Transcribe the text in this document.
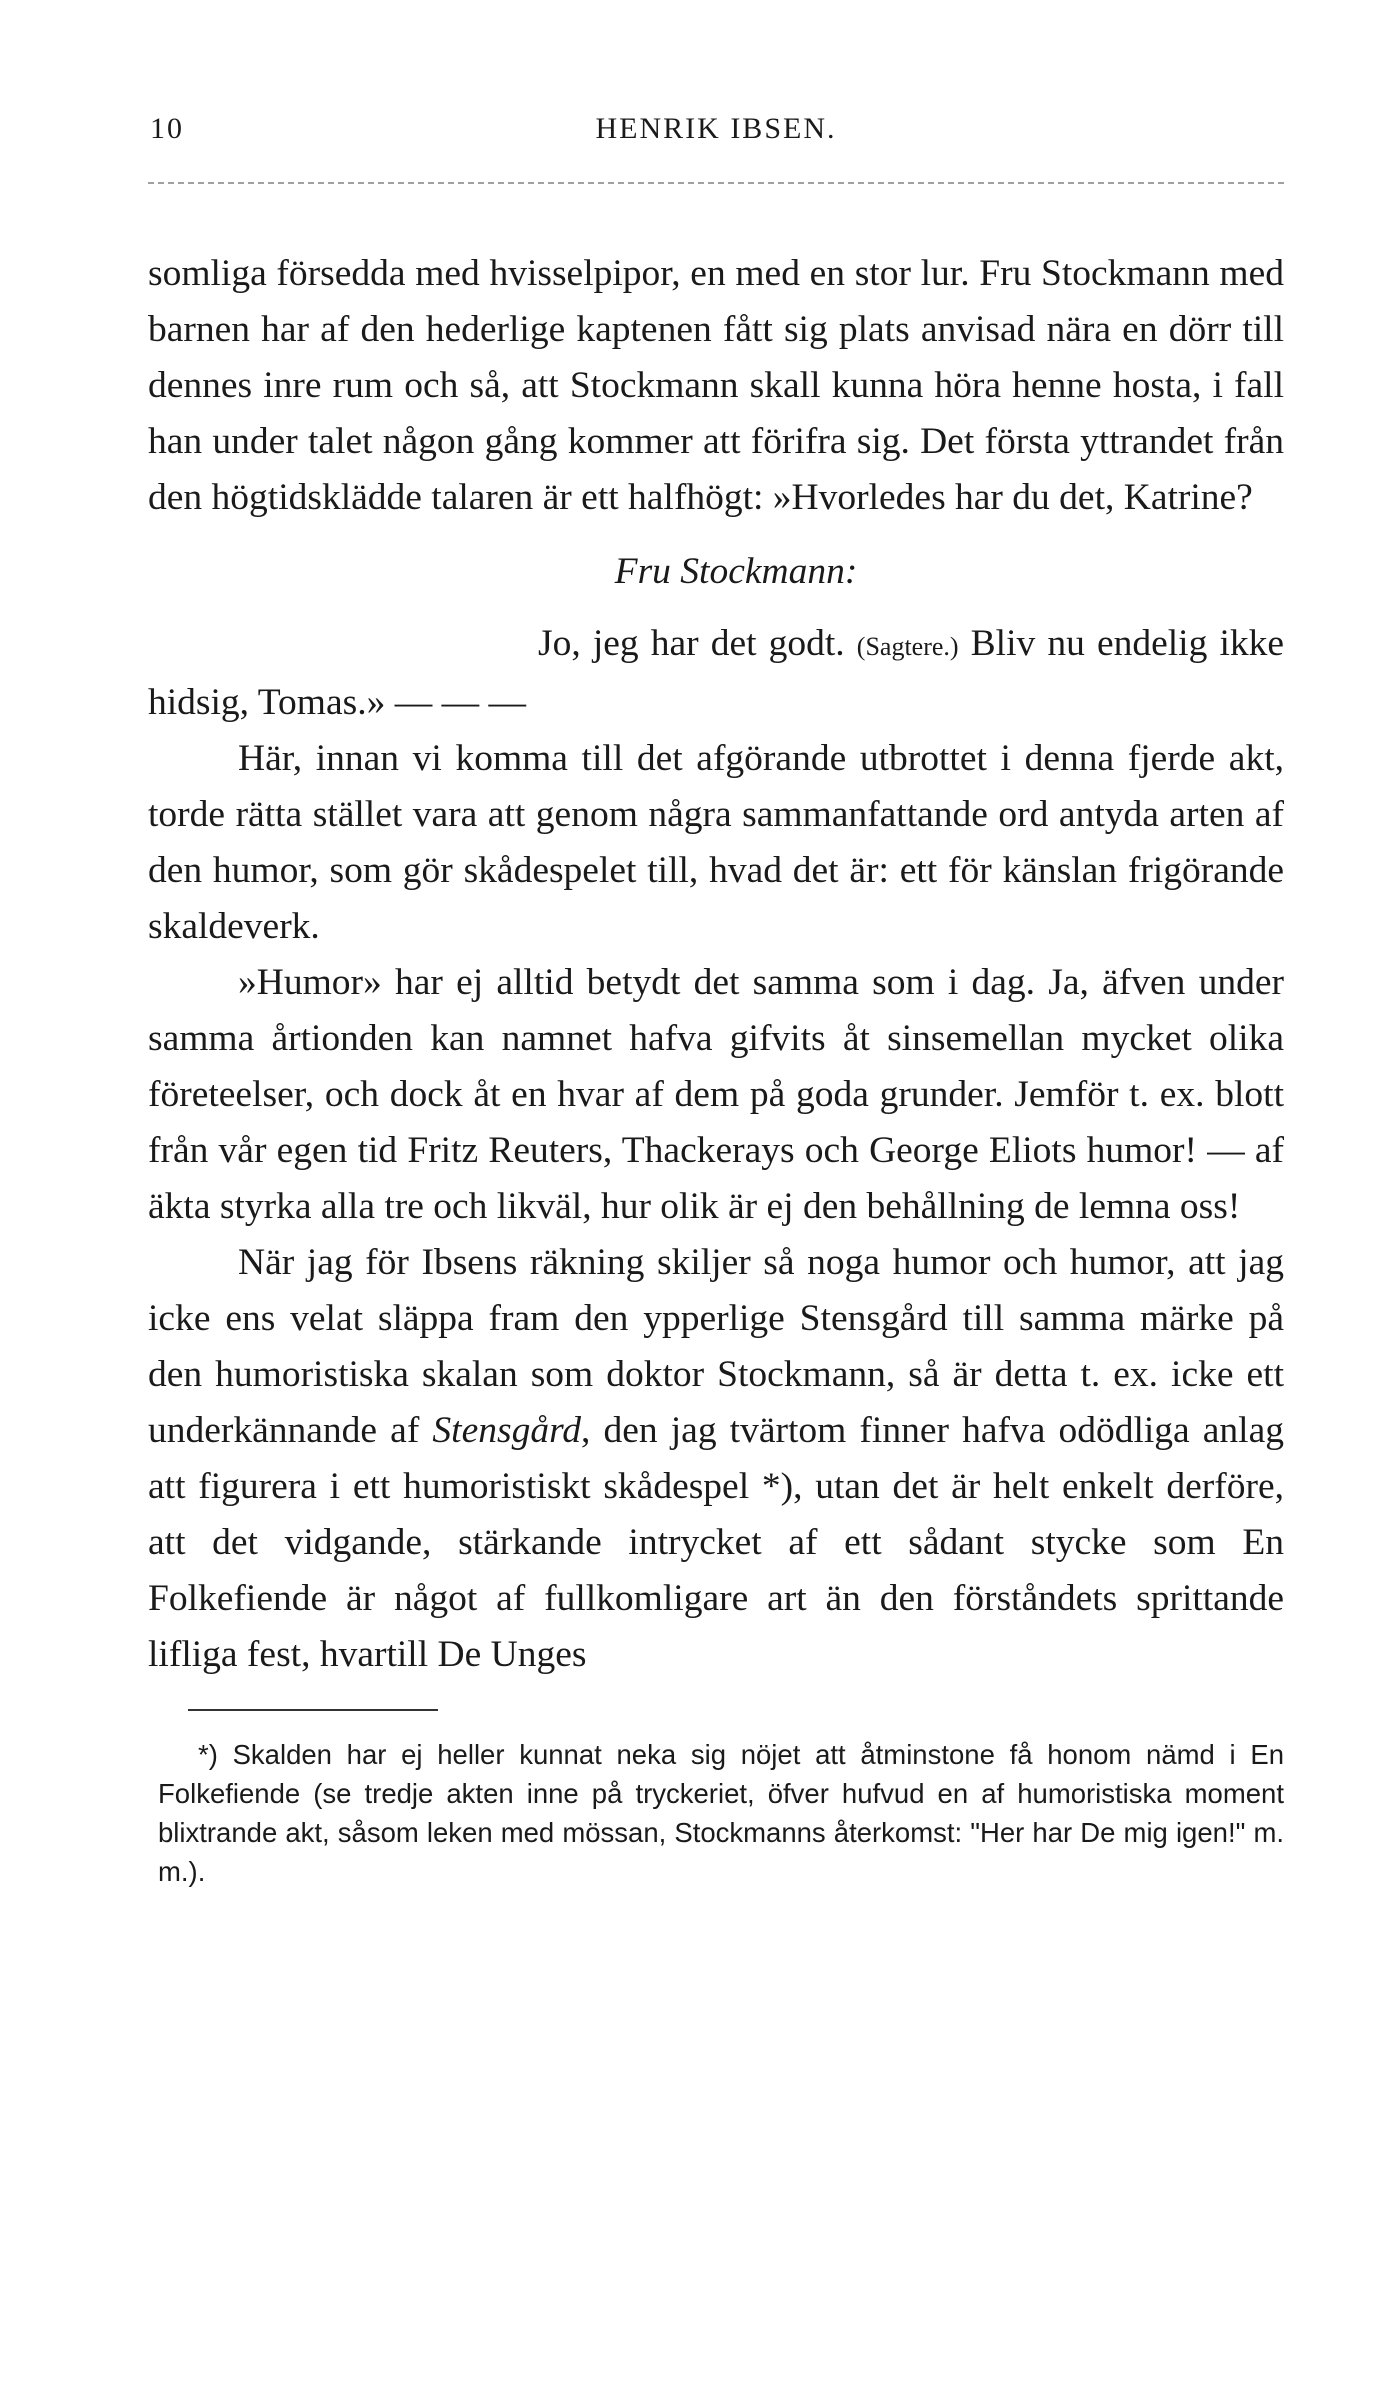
10	HENRIK IBSEN.

somliga försedda med hvisselpipor, en med en stor lur. Fru Stockmann med barnen har af den hederlige kaptenen fått sig plats anvisad nära en dörr till dennes inre rum och så, att Stockmann skall kunna höra henne hosta, i fall han under talet någon gång kommer att förifra sig. Det första yttrandet från den högtidsklädde talaren är ett halfhögt: »Hvorledes har du det, Katrine?

Fru Stockmann:

Jo, jeg har det godt. (Sagtere.) Bliv nu endelig ikke hidsig, Tomas.» — — —

Här, innan vi komma till det afgörande utbrottet i denna fjerde akt, torde rätta stället vara att genom några sammanfattande ord antyda arten af den humor, som gör skådespelet till, hvad det är: ett för känslan frigörande skaldeverk.

»Humor» har ej alltid betydt det samma som i dag. Ja, äfven under samma årtionden kan namnet hafva gifvits åt sinsemellan mycket olika företeelser, och dock åt en hvar af dem på goda grunder. Jemför t. ex. blott från vår egen tid Fritz Reuters, Thackerays och George Eliots humor! — af äkta styrka alla tre och likväl, hur olik är ej den behållning de lemna oss!

När jag för Ibsens räkning skiljer så noga humor och humor, att jag icke ens velat släppa fram den ypperlige Stensgård till samma märke på den humoristiska skalan som doktor Stockmann, så är detta t. ex. icke ett underkännande af Stensgård, den jag tvärtom finner hafva odödliga anlag att figurera i ett humoristiskt skådespel *), utan det är helt enkelt derföre, att det vidgande, stärkande intrycket af ett sådant stycke som En Folkefiende är något af fullkomligare art än den förståndets sprittande lifliga fest, hvartill De Unges

*) Skalden har ej heller kunnat neka sig nöjet att åtminstone få honom nämd i En Folkefiende (se tredje akten inne på tryckeriet, öfver hufvud en af humoristiska moment blixtrande akt, såsom leken med mössan, Stockmanns återkomst: "Her har De mig igen!" m. m.).
